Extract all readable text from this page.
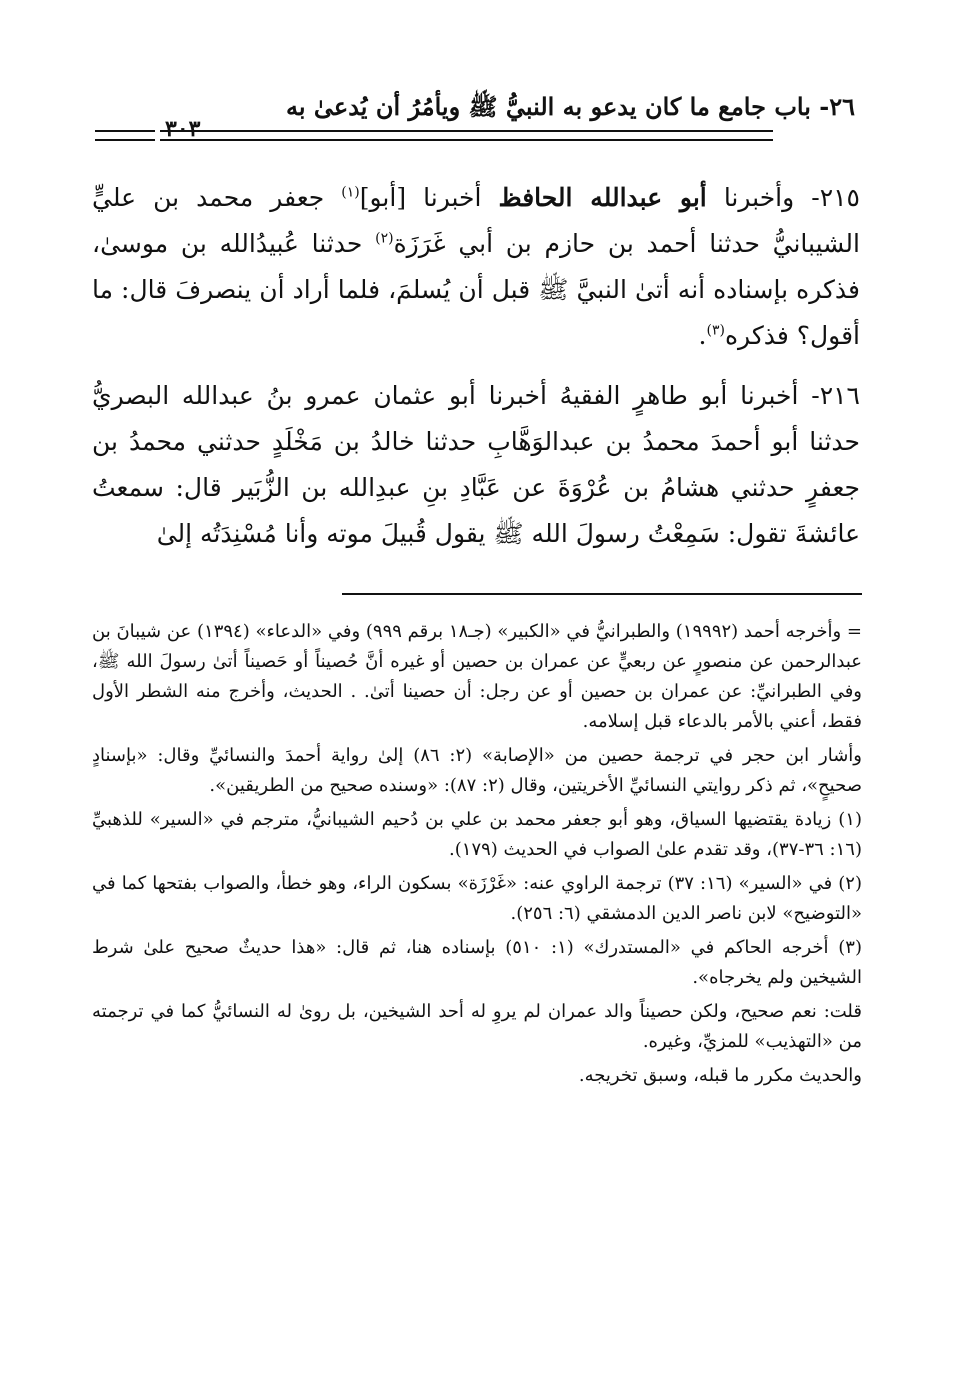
٢٦- باب جامع ما كان يدعو به النبيُّ ﷺ ويأمُرُ أن يُدعىٰ به
٣٠٣

٢١٥- وأخبرنا أبو عبدالله الحافظ أخبرنا [أبو]$^{(١)}$ جعفر محمد بن عليٍّ الشيبانيُّ حدثنا أحمد بن حازم بن أبي غَرَزَة$^{(٢)}$ حدثنا عُبيدُالله بن موسىٰ، فذكره بإسناده أنه أتىٰ النبيَّ ﷺ قبل أن يُسلمَ، فلما أراد أن ينصرفَ قال: ما أقول؟ فذكره$^{(٣)}$.

٢١٦- أخبرنا أبو طاهرٍ الفقيهُ أخبرنا أبو عثمان عمرو بنُ عبدالله البصريُّ حدثنا أبو أحمدَ محمدُ بن عبدالوَهَّابِ حدثنا خالدُ بن مَخْلَدٍ حدثني محمدُ بن جعفرٍ حدثني هشامُ بن عُرْوَةَ عن عَبَّادِ بنِ عبدِالله بن الزُّبَير قال: سمعتُ عائشةَ تقول: سَمِعْتُ رسولَ الله ﷺ يقول قُبيلَ موته وأنا مُسْنِدَتُه إلىٰ

= وأخرجه أحمد (١٩٩٩٢) والطبرانيُّ في «الكبير» (جـ١٨ برقم ٩٩٩) وفي «الدعاء» (١٣٩٤) عن شيبانَ بن عبدالرحمن عن منصورٍ عن ربعيٍّ عن عمران بن حصين أو غيره أنَّ حُصيناً أو حَصيناً أتىٰ رسولَ الله ﷺ، وفي الطبرانيِّ: عن عمران بن حصين أو عن رجل: أن حصينا أتىٰ. . الحديث، وأخرج منه الشطر الأول فقط، أعني بالأمر بالدعاء قبل إسلامه.

وأشار ابن حجر في ترجمة حصين من «الإصابة» (٢: ٨٦) إلىٰ رواية أحمدَ والنسائيِّ وقال: «بإسنادٍ صحيحٍ»، ثم ذكر روايتي النسائيِّ الأخريتين، وقال (٢: ٨٧): «وسنده صحيح من الطريقين».

(١) زيادة يقتضيها السياق، وهو أبو جعفر محمد بن علي بن دُحيم الشيبانيُّ، مترجم في «السير» للذهبيِّ (١٦: ٣٦-٣٧)، وقد تقدم علىٰ الصواب في الحديث (١٧٩).

(٢) في «السير» (١٦: ٣٧) ترجمة الراوي عنه: «غَرْزَة» بسكون الراء، وهو خطأ، والصواب بفتحها كما في «التوضيح» لابن ناصر الدين الدمشقي (٦: ٢٥٦).

(٣) أخرجه الحاكم في «المستدرك» (١: ٥١٠) بإسناده هنا، ثم قال: «هذا حديثٌ صحيح علىٰ شرط الشيخين ولم يخرجاه».

قلت: نعم صحيح، ولكن حصيناً والد عمران لم يروِ له أحد الشيخين، بل روىٰ له النسائيُّ كما في ترجمته من «التهذيب» للمزيِّ، وغيره.

والحديث مكرر ما قبله، وسبق تخريجه.
